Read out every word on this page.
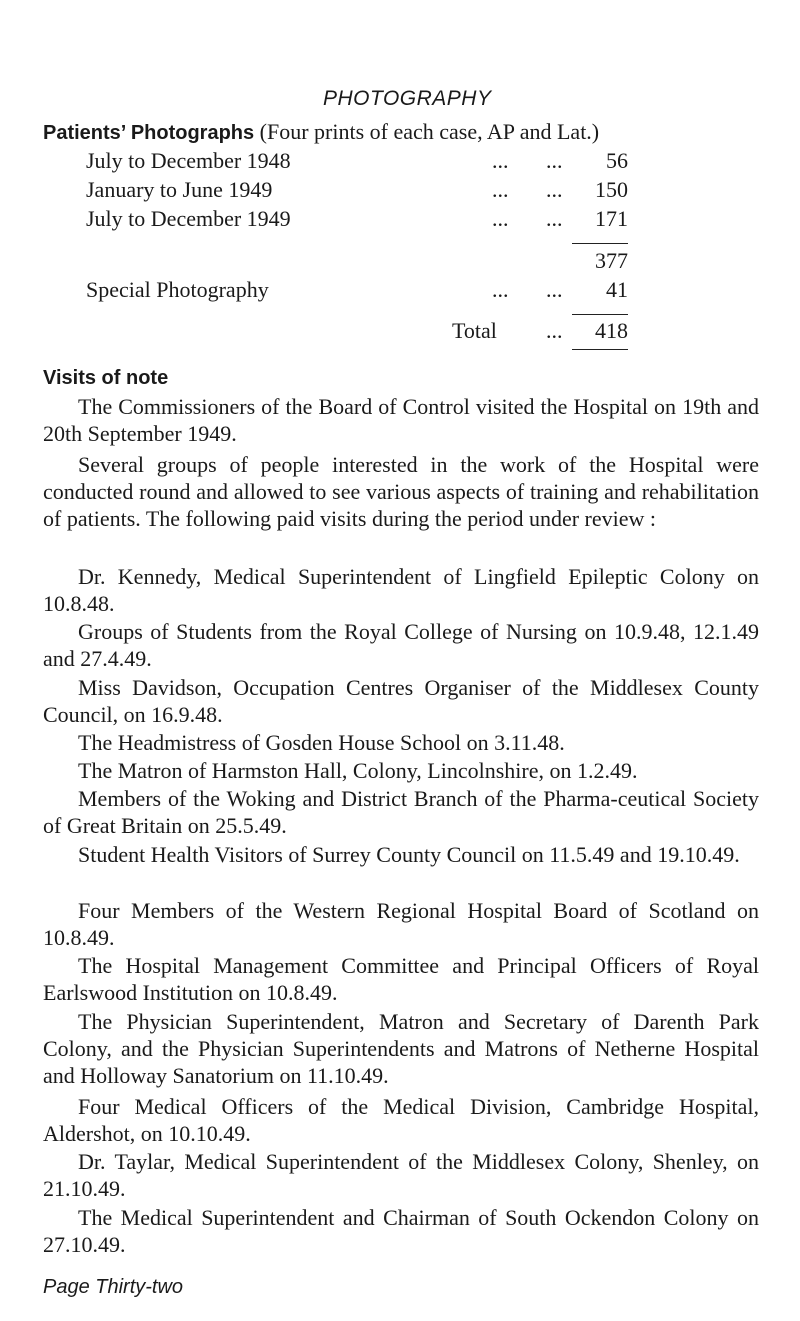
PHOTOGRAPHY
Patients’ Photographs (Four prints of each case, AP and Lat.)
July to December 1948	... ... 56
January to June 1949	... ... 150
July to December 1949	... ... 171
377
Special Photography	... ... 41
Total ... 418
Visits of note
The Commissioners of the Board of Control visited the Hospital on 19th and 20th September 1949.
Several groups of people interested in the work of the Hospital were conducted round and allowed to see various aspects of training and rehabilitation of patients. The following paid visits during the period under review :
Dr. Kennedy, Medical Superintendent of Lingfield Epileptic Colony on 10.8.48.
Groups of Students from the Royal College of Nursing on 10.9.48, 12.1.49 and 27.4.49.
Miss Davidson, Occupation Centres Organiser of the Middlesex County Council, on 16.9.48.
The Headmistress of Gosden House School on 3.11.48.
The Matron of Harmston Hall, Colony, Lincolnshire, on 1.2.49.
Members of the Woking and District Branch of the Pharma-ceutical Society of Great Britain on 25.5.49.
Student Health Visitors of Surrey County Council on 11.5.49 and 19.10.49.
Four Members of the Western Regional Hospital Board of Scotland on 10.8.49.
The Hospital Management Committee and Principal Officers of Royal Earlswood Institution on 10.8.49.
The Physician Superintendent, Matron and Secretary of Darenth Park Colony, and the Physician Superintendents and Matrons of Netherne Hospital and Holloway Sanatorium on 11.10.49.
Four Medical Officers of the Medical Division, Cambridge Hospital, Aldershot, on 10.10.49.
Dr. Taylar, Medical Superintendent of the Middlesex Colony, Shenley, on 21.10.49.
The Medical Superintendent and Chairman of South Ockendon Colony on 27.10.49.
Page Thirty-two
